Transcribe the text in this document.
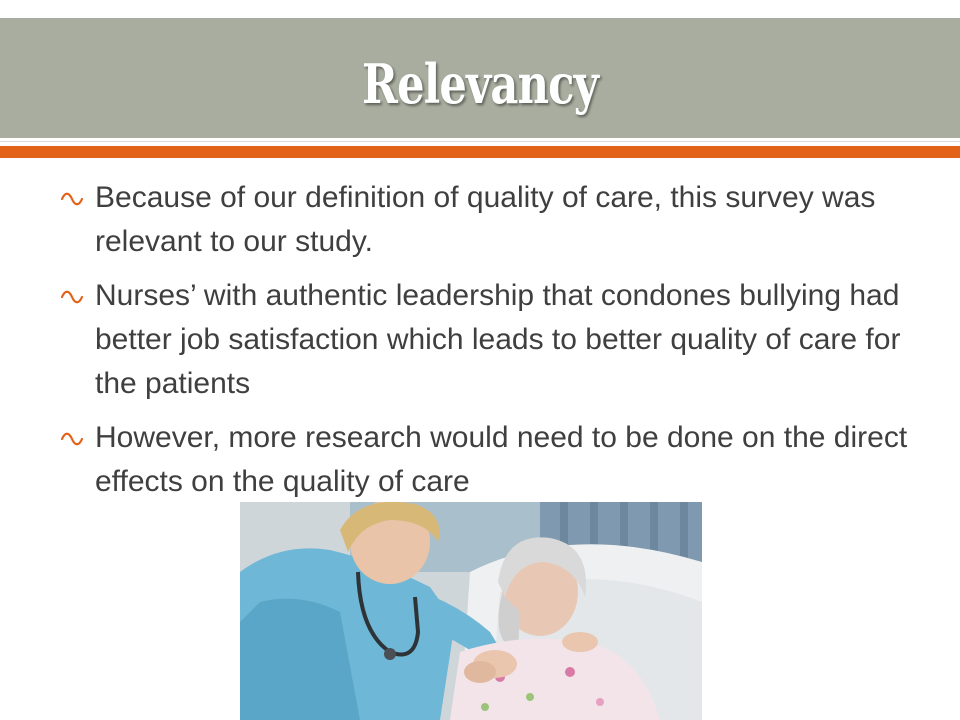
Relevancy
Because of our definition of quality of care, this survey was relevant to our study.
Nurses’ with authentic leadership that condones bullying had better job satisfaction which leads to better quality of care for the patients
However, more research would need to be done on the direct effects on the quality of care
